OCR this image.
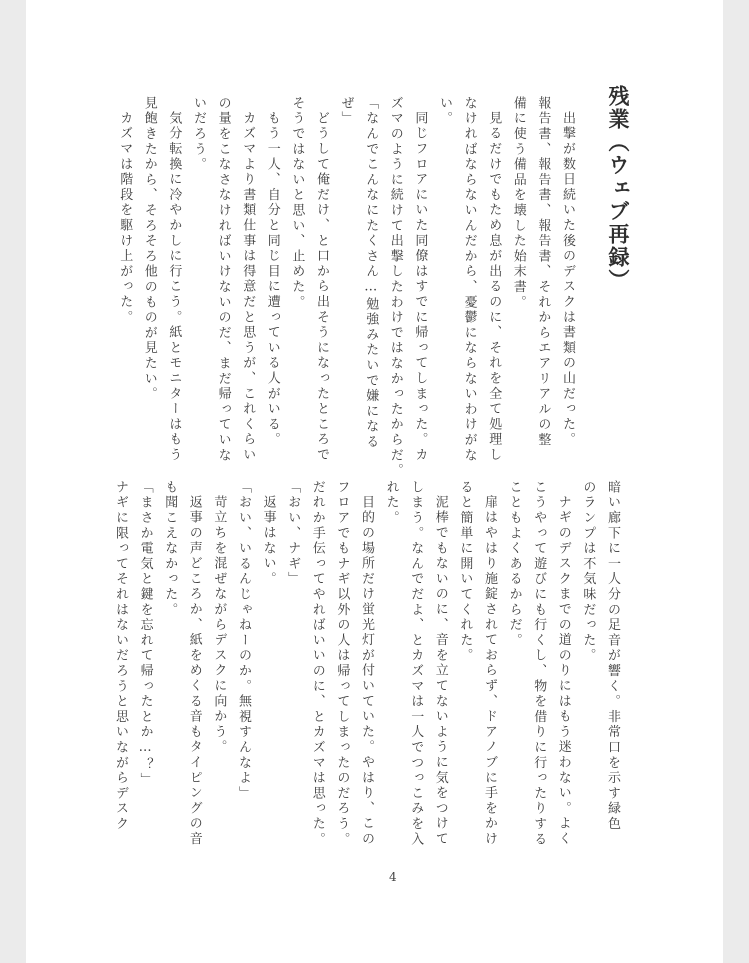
残業（ウェブ再録）
出撃が数日続いた後のデスクは書類の山だった。
報告書、報告書、報告書、それからエアリアルの整
備に使う備品を壊した始末書。
見るだけでもため息が出るのに、それを全て処理し
なければならないんだから、憂鬱にならないわけがな
い。
同じフロアにいた同僚はすでに帰ってしまった。カ
ズマのように続けて出撃したわけではなかったからだ。
「なんでこんなにたくさん…勉強みたいで嫌になる
ぜ」
どうして俺だけ、と口から出そうになったところで
そうではないと思い、止めた。
もう一人、自分と同じ目に遭っている人がいる。
カズマより書類仕事は得意だと思うが、これくらい
の量をこなさなければいけないのだ、まだ帰っていな
いだろう。
気分転換に冷やかしに行こう。紙とモニターはもう
見飽きたから、そろそろ他のものが見たい。
カズマは階段を駆け上がった。
暗い廊下に一人分の足音が響く。非常口を示す緑色
のランプは不気味だった。
ナギのデスクまでの道のりにはもう迷わない。よく
こうやって遊びにも行くし、物を借りに行ったりする
こともよくあるからだ。
扉はやはり施錠されておらず、ドアノブに手をかけ
ると簡単に開いてくれた。
泥棒でもないのに、音を立てないように気をつけて
しまう。なんでだよ、とカズマは一人でつっこみを入
れた。
目的の場所だけ蛍光灯が付いていた。やはり、この
フロアでもナギ以外の人は帰ってしまったのだろう。
だれか手伝ってやればいいのに、とカズマは思った。
「おい、ナギ」
返事はない。
「おい、いるんじゃねーのか。無視すんなよ」
苛立ちを混ぜながらデスクに向かう。
返事の声どころか、紙をめくる音もタイピングの音
も聞こえなかった。
「まさか電気と鍵を忘れて帰ったとか…？」
ナギに限ってそれはないだろうと思いながらデスク
4
